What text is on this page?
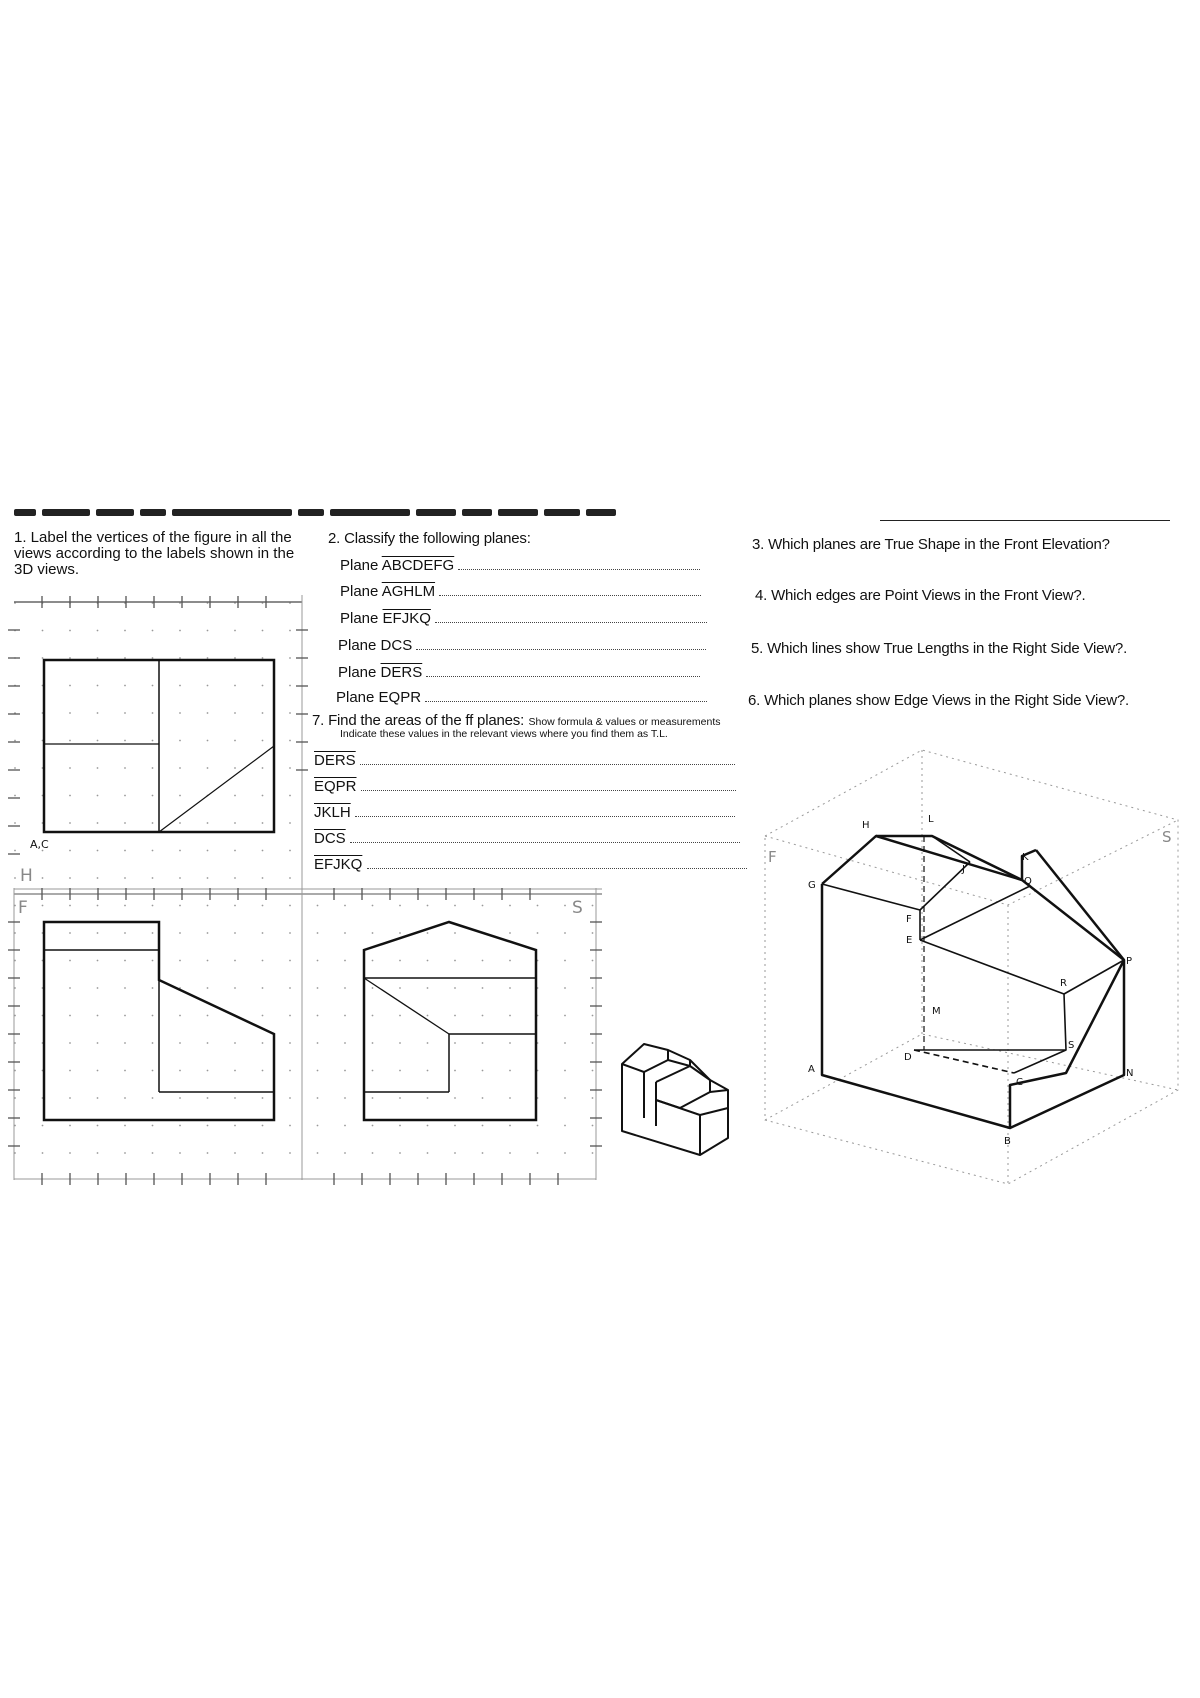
1. Label the vertices of the figure in all the views according to the labels shown in the 3D views.
2. Classify the following planes:
Plane ABCDEFG
Plane AGHLM
Plane EFJKQ
Plane DCS
Plane DERS
Plane EQPR
3. Which planes are True Shape in the Front Elevation?
4. Which edges are Point Views in the Front View?.
5. Which lines show True Lengths in the Right Side View?.
6. Which planes show Edge Views in the Right Side View?.
7. Find the areas of the ff planes: Show formula & values or measurements
Indicate these values in the relevant views where you find them as T.L.
DERS
EQPR
JKLH
$\overline{DCS}$
EFJKQ
H
F	S
A,C
F
S
A
B
C
D
E
F
G
H
J
K
L
M
N
P
Q
R
S
